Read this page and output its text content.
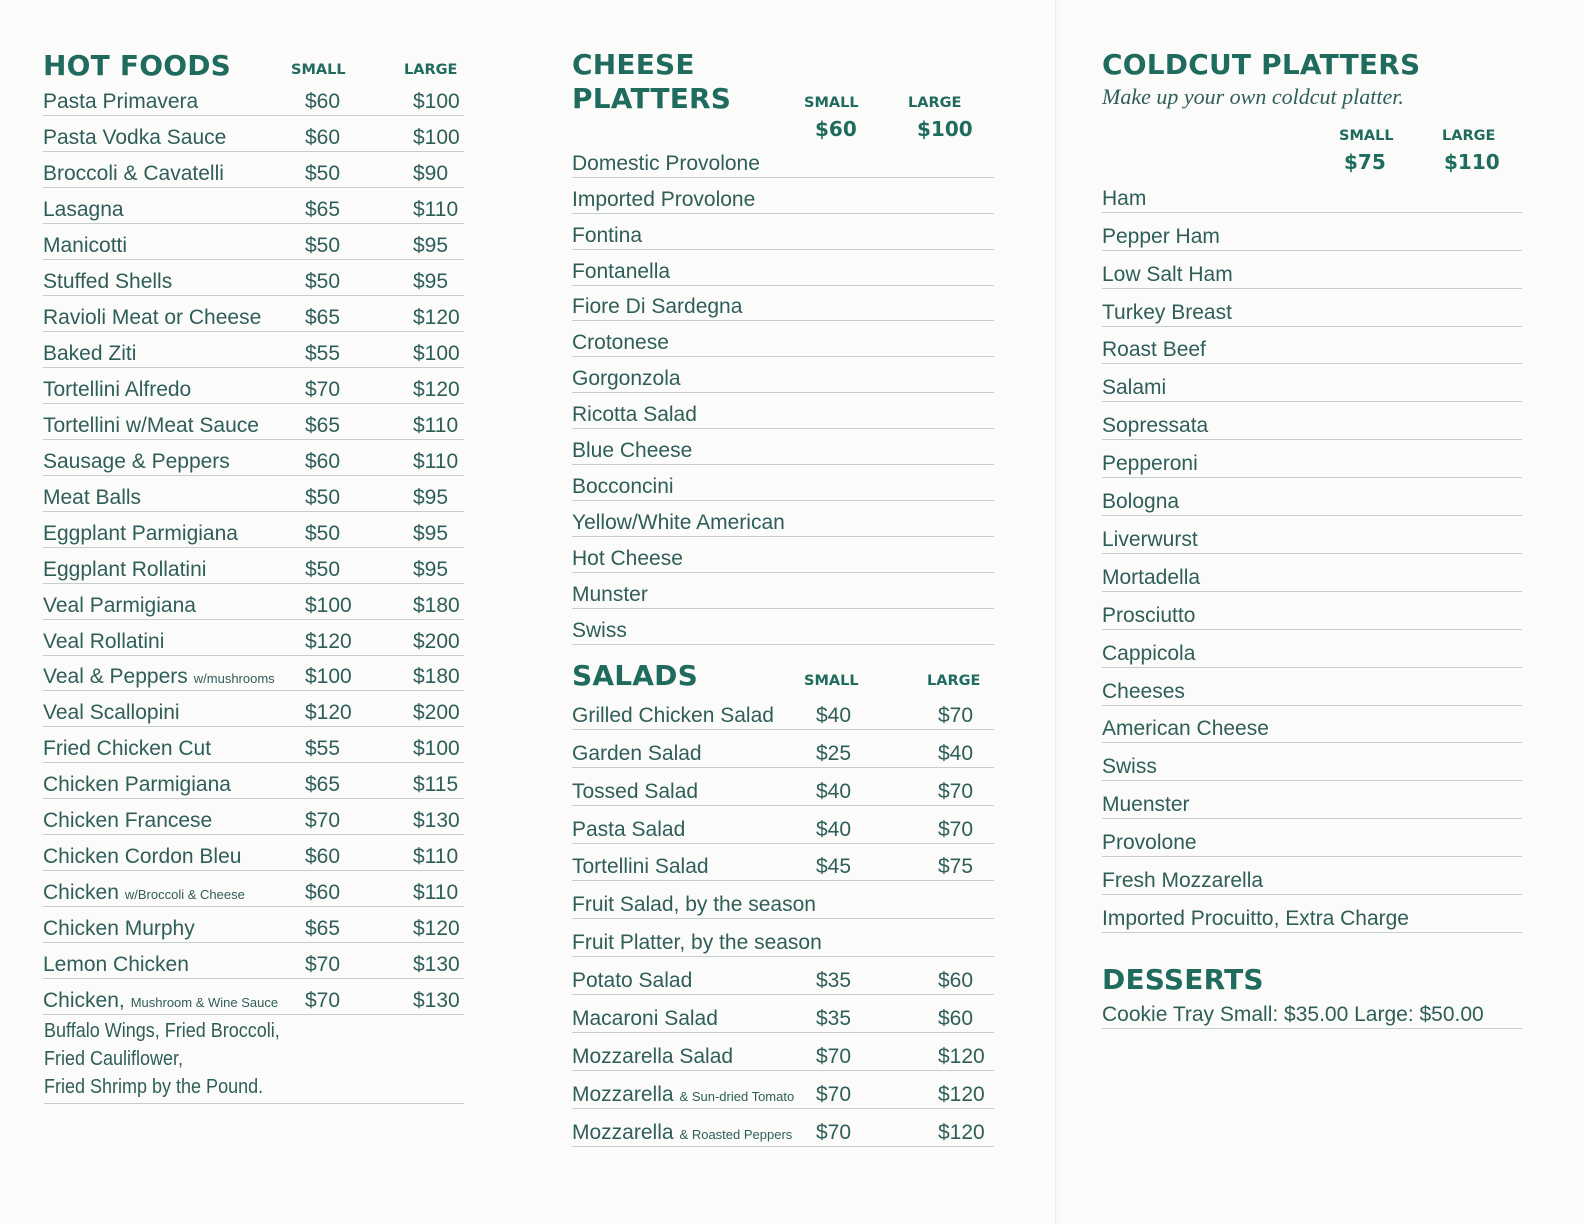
HOT FOODS	SMALL	LARGE
Pasta Primavera	$60	$100
Pasta Vodka Sauce	$60	$100
Broccoli & Cavatelli	$50	$90
Lasagna	$65	$110
Manicotti	$50	$95
Stuffed Shells	$50	$95
Ravioli Meat or Cheese $65	$120
Baked Ziti	$55	$100
Tortellini Alfredo	$70	$120
Tortellini w/Meat Sauce $65	$110
Sausage & Peppers	$60	$110
Meat Balls	$50	$95
Eggplant Parmigiana	$50	$95
Eggplant Rollatini	$50	$95
Veal Parmigiana	$100	$180
Veal Rollatini	$120	$200
Veal & Peppers w/mushrooms $100	$180
Veal Scallopini	$120	$200
Fried Chicken Cut	$55	$100
Chicken Parmigiana	$65	$115
Chicken Francese	$70	$130
Chicken Cordon Bleu	$60	$110
Chicken w/Broccoli & Cheese	$60	$110
Chicken Murphy	$65	$120
Lemon Chicken	$70	$130
Chicken, Mushroom & Wine Sauce $70	$130
Buffalo Wings, Fried Broccoli,
Fried Cauliflower,
Fried Shrimp by the Pound.
CHEESE
PLATTERS	SMALL	LARGE
$60	$100
Domestic Provolone
Imported Provolone
Fontina
Fontanella
Fiore Di Sardegna
Crotonese
Gorgonzola
Ricotta Salad
Blue Cheese
Bocconcini
Yellow/White American
Hot Cheese
Munster
Swiss
SALADS	SMALL	LARGE
Grilled Chicken Salad $40	$70
Garden Salad	$25	$40
Tossed Salad	$40	$70
Pasta Salad	$40	$70
Tortellini Salad	$45	$75
Fruit Salad, by the season
Fruit Platter, by the season
Potato Salad	$35	$60
Macaroni Salad	$35	$60
Mozzarella Salad	$70	$120
Mozzarella & Sun-dried Tomato $70	$120
Mozzarella & Roasted Peppers $70	$120
COLDCUT PLATTERS
Make up your own coldcut platter.
SMALL	LARGE
$75	$110
Ham
Pepper Ham
Low Salt Ham
Turkey Breast
Roast Beef
Salami
Sopressata
Pepperoni
Bologna
Liverwurst
Mortadella
Prosciutto
Cappicola
Cheeses
American Cheese
Swiss
Muenster
Provolone
Fresh Mozzarella
Imported Procuitto, Extra Charge
DESSERTS
Cookie Tray Small: $35.00 Large: $50.00
